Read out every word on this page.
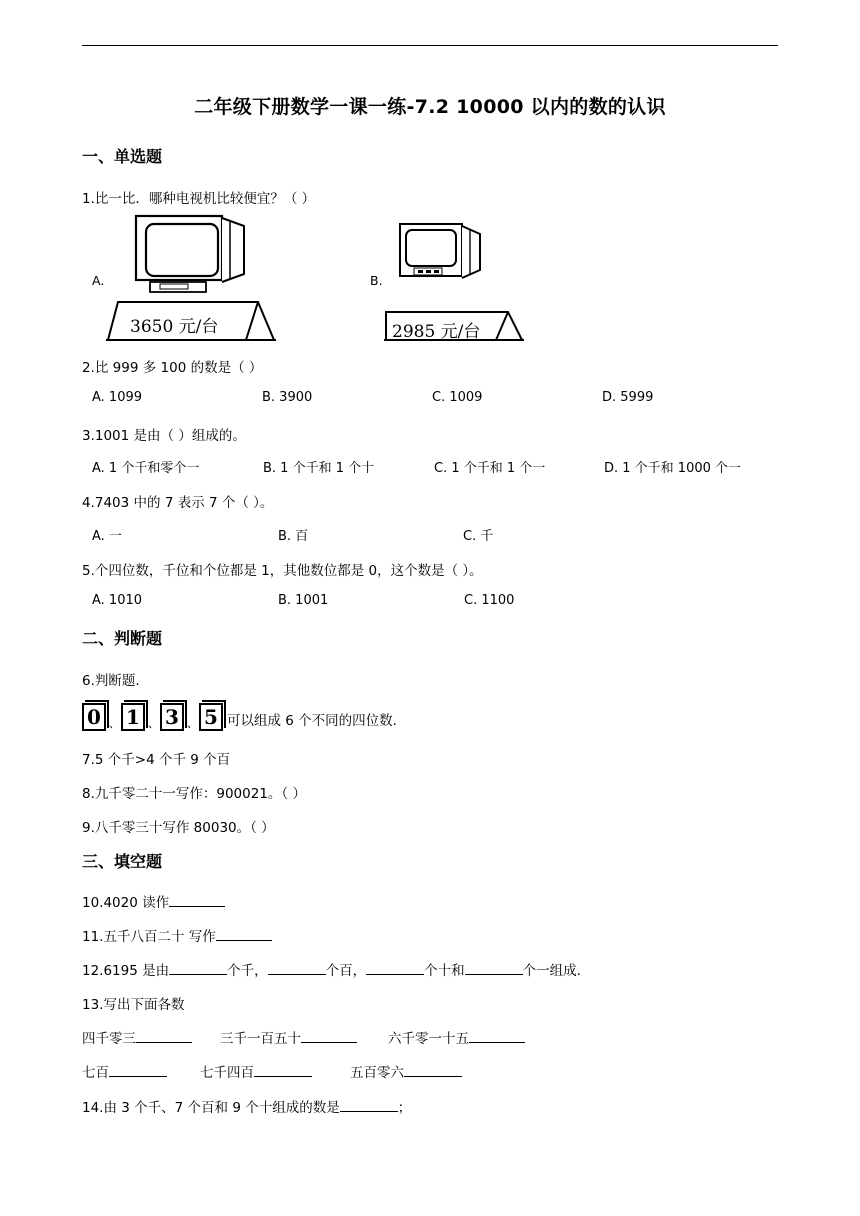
二年级下册数学一课一练-7.2 10000 以内的数的认识
一、单选题
1.比一比．哪种电视机比较便宜？（ ）
A.
3650 元/台
B.
2985 元/台
2.比 999 多 100 的数是（ ）
A. 1099	B. 3900	C. 1009	D. 5999
3.1001 是由（ ）组成的。
A. 1 个千和零个一	B. 1 个千和 1 个十	C. 1 个千和 1 个一	D. 1 个千和 1000 个一
4.7403 中的 7 表示 7 个（ ）。
A. 一	B. 百	C. 千
5.个四位数，千位和个位都是 1，其他数位都是 0，这个数是（ ）。
A. 1010	B. 1001	C. 1100
二、判断题
6.判断题.
0 、 1 、 3 、 5 可以组成 6 个不同的四位数.
7.5 个千>4 个千 9 个百
8.九千零二十一写作：900021。（ ）
9.八千零三十写作 80030。（ ）
三、填空题
10.4020 读作
11.五千八百二十 写作
12.6195 是由	个千，	个百，	个十和	个一组成.
13.写出下面各数
四千零三	三千一百五十	六千零一十五
七百	七千四百	五百零六
14.由 3 个千、7 个百和 9 个十组成的数是	；
